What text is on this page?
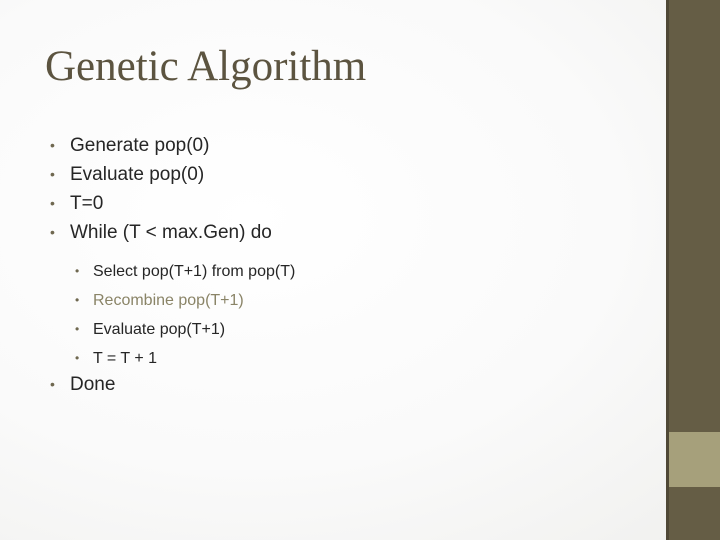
Genetic Algorithm
• Generate pop(0)
• Evaluate pop(0)
• T=0
• While (T < max.Gen) do
• Select pop(T+1) from pop(T)
• Recombine pop(T+1)
• Evaluate pop(T+1)
• T = T + 1
• Done
